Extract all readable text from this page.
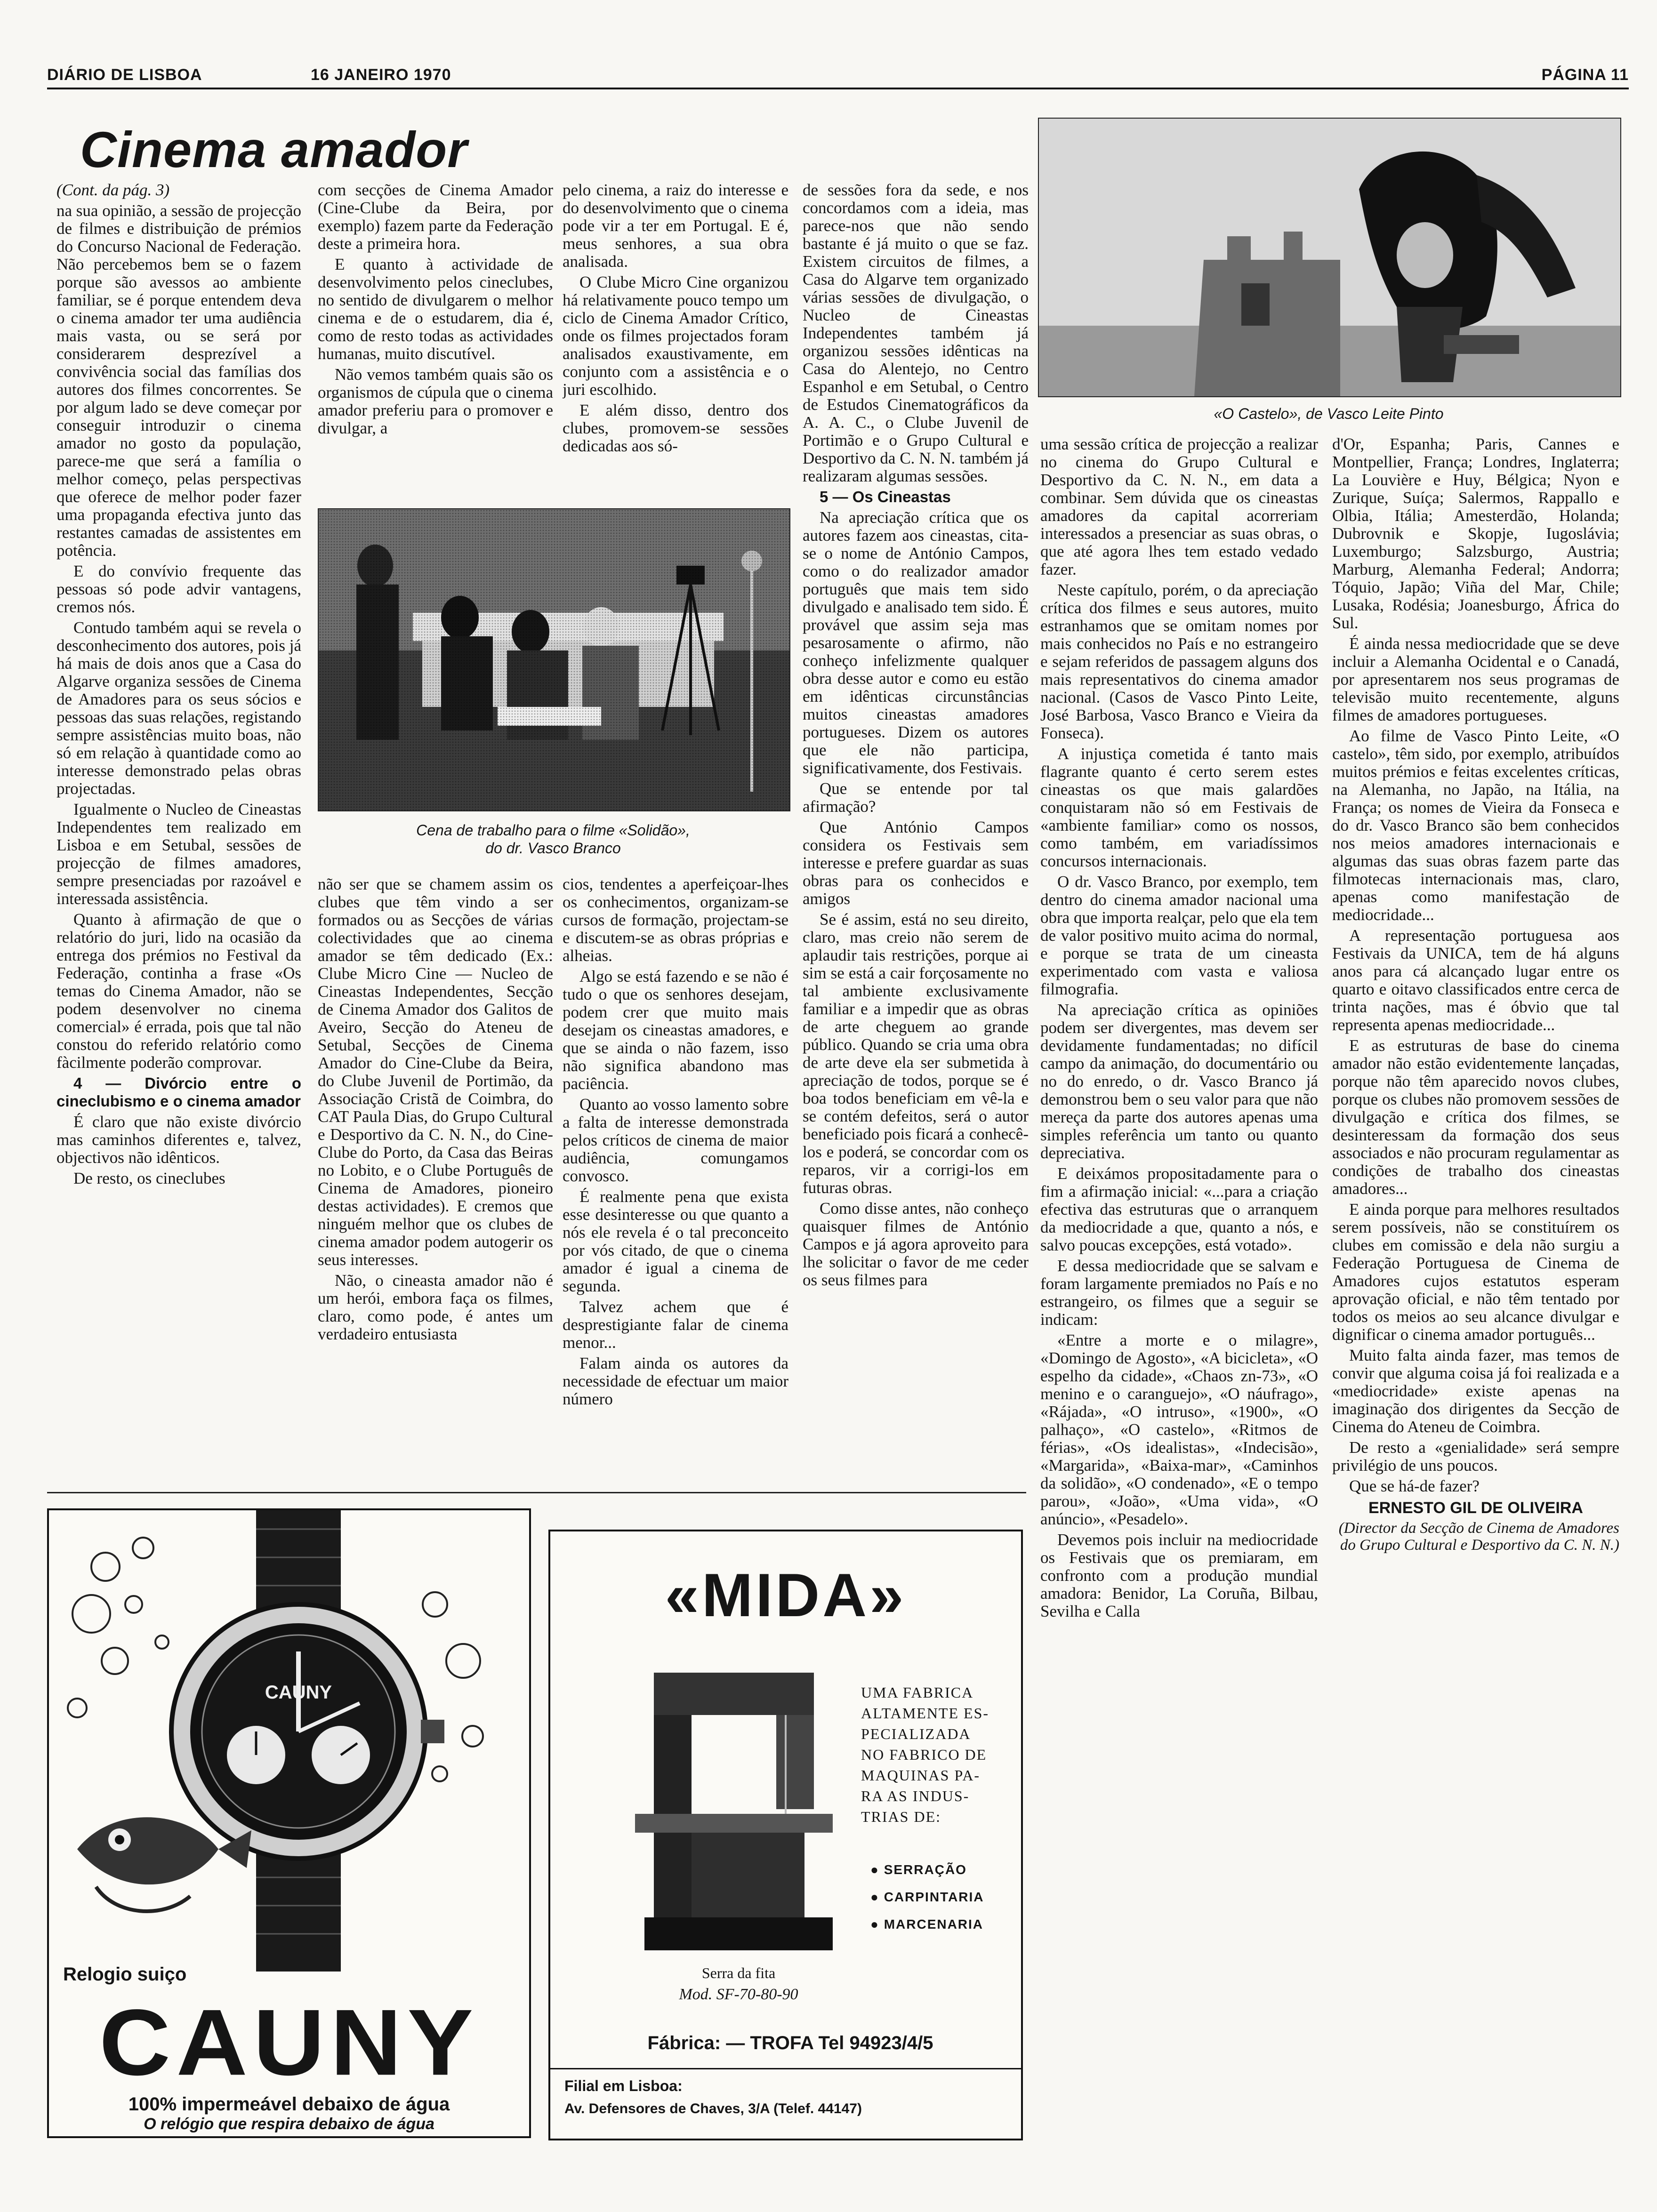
DIÁRIO DE LISBOA	16 JANEIRO 1970	PÁGINA 11
Cinema amador

(Cont. da pág. 3)

na sua opinião, a sessão de projecção de filmes e distribuição de prémios do Concurso Nacional de Federação. Não percebemos bem se o fazem porque são avessos ao ambiente familiar, se é porque entendem deva o cinema amador ter uma audiência mais vasta, ou se será por considerarem desprezível a convivência social das famílias dos autores dos filmes concorrentes. Se por algum lado se deve começar por conseguir introduzir o cinema amador no gosto da população, parece-me que será a família o melhor começo, pelas perspectivas que oferece de melhor poder fazer uma propaganda efectiva junto das restantes camadas de assistentes em potência.

E do convívio frequente das pessoas só pode advir vantagens, cremos nós.

Contudo também aqui se revela o desconhecimento dos autores, pois já há mais de dois anos que a Casa do Algarve organiza sessões de Cinema de Amadores para os seus sócios e pessoas das suas relações, registando sempre assistências muito boas, não só em relação à quantidade como ao interesse demonstrado pelas obras projectadas.

Igualmente o Nucleo de Cineastas Independentes tem realizado em Lisboa e em Setubal, sessões de projecção de filmes amadores, sempre presenciadas por razoável e interessada assistência.

Quanto à afirmação de que o relatório do juri, lido na ocasião da entrega dos prémios no Festival da Federação, continha a frase «Os temas do Cinema Amador, não se podem desenvolver no cinema comercial» é errada, pois que tal não constou do referido relatório como fàcilmente poderão comprovar.

4 — Divórcio entre o cineclubismo e o cinema amador

É claro que não existe divórcio mas caminhos diferentes e, talvez, objectivos não idênticos.

De resto, os cineclubes

com secções de Cinema Amador (Cine-Clube da Beira, por exemplo) fazem parte da Federação deste a primeira hora.

E quanto à actividade de desenvolvimento pelos cineclubes, no sentido de divulgarem o melhor cinema e de o estudarem, dia é, como de resto todas as actividades humanas, muito discutível.

Não vemos também quais são os organismos de cúpula que o cinema amador preferiu para o promover e divulgar, a

pelo cinema, a raiz do interesse e do desenvolvimento que o cinema pode vir a ter em Portugal. E é, meus senhores, a sua obra analisada.

O Clube Micro Cine organizou há relativamente pouco tempo um ciclo de Cinema Amador Crítico, onde os filmes projectados foram analisados exaustivamente, em conjunto com a assistência e o juri escolhido.

E além disso, dentro dos clubes, promovem-se sessões dedicadas aos só-

Cena de trabalho para o filme «Solidão»,
do dr. Vasco Branco

não ser que se chamem assim os clubes que têm vindo a ser formados ou as Secções de várias colectividades que ao cinema amador se têm dedicado (Ex.: Clube Micro Cine — Nucleo de Cineastas Independentes, Secção de Cinema Amador dos Galitos de Aveiro, Secção do Ateneu de Setubal, Secções de Cinema Amador do Cine-Clube da Beira, do Clube Juvenil de Portimão, da Associação Cristã de Coimbra, do CAT Paula Dias, do Grupo Cultural e Desportivo da C. N. N., do Cine-Clube do Porto, da Casa das Beiras no Lobito, e o Clube Português de Cinema de Amadores, pioneiro destas actividades). E cremos que ninguém melhor que os clubes de cinema amador podem autogerir os seus interesses.

Não, o cineasta amador não é um herói, embora faça os filmes, claro, como pode, é antes um verdadeiro entusiasta

cios, tendentes a aperfeiçoar-lhes os conhecimentos, organizam-se cursos de formação, projectam-se e discutem-se as obras próprias e alheias.

Algo se está fazendo e se não é tudo o que os senhores desejam, podem crer que muito mais desejam os cineastas amadores, e que se ainda o não fazem, isso não significa abandono mas paciência.

Quanto ao vosso lamento sobre a falta de interesse demonstrada pelos críticos de cinema de maior audiência, comungamos convosco.

É realmente pena que exista esse desinteresse ou que quanto a nós ele revela é o tal preconceito por vós citado, de que o cinema amador é igual a cinema de segunda.

Talvez achem que é desprestigiante falar de cinema menor...

Falam ainda os autores da necessidade de efectuar um maior número

de sessões fora da sede, e nos concordamos com a ideia, mas parece-nos que não sendo bastante é já muito o que se faz. Existem circuitos de filmes, a Casa do Algarve tem organizado várias sessões de divulgação, o Nucleo de Cineastas Independentes também já organizou sessões idênticas na Casa do Alentejo, no Centro Espanhol e em Setubal, o Centro de Estudos Cinematográficos da A. A. C., o Clube Juvenil de Portimão e o Grupo Cultural e Desportivo da C. N. N. também já realizaram algumas sessões.

5 — Os Cineastas

Na apreciação crítica que os autores fazem aos cineastas, cita-se o nome de António Campos, como o do realizador amador português que mais tem sido divulgado e analisado tem sido. É provável que assim seja mas pesarosamente o afirmo, não conheço infelizmente qualquer obra desse autor e como eu estão em idênticas circunstâncias muitos cineastas amadores portugueses. Dizem os autores que ele não participa, significativamente, dos Festivais.

Que se entende por tal afirmação?

Que António Campos considera os Festivais sem interesse e prefere guardar as suas obras para os conhecidos e amigos

Se é assim, está no seu direito, claro, mas creio não serem de aplaudir tais restrições, porque ai sim se está a cair forçosamente no tal ambiente exclusivamente familiar e a impedir que as obras de arte cheguem ao grande público. Quando se cria uma obra de arte deve ela ser submetida à apreciação de todos, porque se é boa todos beneficiam em vê-la e se contém defeitos, será o autor beneficiado pois ficará a conhecê-los e poderá, se concordar com os reparos, vir a corrigi-los em futuras obras.

Como disse antes, não conheço quaisquer filmes de António Campos e já agora aproveito para lhe solicitar o favor de me ceder os seus filmes para

«O Castelo», de Vasco Leite Pinto

uma sessão crítica de projecção a realizar no cinema do Grupo Cultural e Desportivo da C. N. N., em data a combinar. Sem dúvida que os cineastas amadores da capital acorreriam interessados a presenciar as suas obras, o que até agora lhes tem estado vedado fazer.

Neste capítulo, porém, o da apreciação crítica dos filmes e seus autores, muito estranhamos que se omitam nomes por mais conhecidos no País e no estrangeiro e sejam referidos de passagem alguns dos mais representativos do cinema amador nacional. (Casos de Vasco Pinto Leite, José Barbosa, Vasco Branco e Vieira da Fonseca).

A injustiça cometida é tanto mais flagrante quanto é certo serem estes cineastas os que mais galardões conquistaram não só em Festivais de «ambiente familiar» como os nossos, como também, em variadíssimos concursos internacionais.

O dr. Vasco Branco, por exemplo, tem dentro do cinema amador nacional uma obra que importa realçar, pelo que ela tem de valor positivo muito acima do normal, e porque se trata de um cineasta experimentado com vasta e valiosa filmografia.

Na apreciação crítica as opiniões podem ser divergentes, mas devem ser devidamente fundamentadas; no difícil campo da animação, do documentário ou no do enredo, o dr. Vasco Branco já demonstrou bem o seu valor para que não mereça da parte dos autores apenas uma simples referência um tanto ou quanto depreciativa.

E deixámos propositadamente para o fim a afirmação inicial: «...para a criação efectiva das estruturas que o arranquem da mediocridade a que, quanto a nós, e salvo poucas excepções, está votado».

E dessa mediocridade que se salvam e foram largamente premiados no País e no estrangeiro, os filmes que a seguir se indicam:

«Entre a morte e o milagre», «Domingo de Agosto», «A bicicleta», «O espelho da cidade», «Chaos zn-73», «O menino e o caranguejo», «O náufrago», «Rájada», «O intruso», «1900», «O palhaço», «O castelo», «Ritmos de férias», «Os idealistas», «Indecisão», «Margarida», «Baixa-mar», «Caminhos da solidão», «O condenado», «E o tempo parou», «João», «Uma vida», «O anúncio», «Pesadelo».

Devemos pois incluir na mediocridade os Festivais que os premiaram, em confronto com a produção mundial amadora: Benidor, La Coruña, Bilbau, Sevilha e Calla

d'Or, Espanha; Paris, Cannes e Montpellier, França; Londres, Inglaterra; La Louvière e Huy, Bélgica; Nyon e Zurique, Suíça; Salermos, Rappallo e Olbia, Itália; Amesterdão, Holanda; Dubrovnik e Skopje, Iugoslávia; Luxemburgo; Salzsburgo, Austria; Marburg, Alemanha Federal; Andorra; Tóquio, Japão; Viña del Mar, Chile; Lusaka, Rodésia; Joanesburgo, África do Sul.

É ainda nessa mediocridade que se deve incluir a Alemanha Ocidental e o Canadá, por apresentarem nos seus programas de televisão muito recentemente, alguns filmes de amadores portugueses.

Ao filme de Vasco Pinto Leite, «O castelo», têm sido, por exemplo, atribuídos muitos prémios e feitas excelentes críticas, na Alemanha, no Japão, na Itália, na França; os nomes de Vieira da Fonseca e do dr. Vasco Branco são bem conhecidos nos meios amadores internacionais e algumas das suas obras fazem parte das filmotecas internacionais mas, claro, apenas como manifestação de mediocridade...

A representação portuguesa aos Festivais da UNICA, tem de há alguns anos para cá alcançado lugar entre os quarto e oitavo classificados entre cerca de trinta nações, mas é óbvio que tal representa apenas mediocridade...

E as estruturas de base do cinema amador não estão evidentemente lançadas, porque não têm aparecido novos clubes, porque os clubes não promovem sessões de divulgação e crítica dos filmes, se desinteressam da formação dos seus associados e não procuram regulamentar as condições de trabalho dos cineastas amadores...

E ainda porque para melhores resultados serem possíveis, não se constituírem os clubes em comissão e dela não surgiu a Federação Portuguesa de Cinema de Amadores cujos estatutos esperam aprovação oficial, e não têm tentado por todos os meios ao seu alcance divulgar e dignificar o cinema amador português...

Muito falta ainda fazer, mas temos de convir que alguma coisa já foi realizada e a «mediocridade» existe apenas na imaginação dos dirigentes da Secção de Cinema do Ateneu de Coimbra.

De resto a «genialidade» será sempre privilégio de uns poucos.

Que se há-de fazer?

ERNESTO GIL DE OLIVEIRA
(Director da Secção de Cinema de Amadores do Grupo Cultural e Desportivo da C. N. N.)
CAUNY
Relogio suiço
CAUNY
100% impermeável debaixo de água
O relógio que respira debaixo de água
«MIDA»
UMA FABRICA
ALTAMENTE ES-
PECIALIZADA
NO FABRICO DE
MAQUINAS PA-
RA AS INDUS-
TRIAS DE:
● SERRAÇÃO
● CARPINTARIA
● MARCENARIA
Serra da fita
Mod. SF-70-80-90
Fábrica: — TROFA Tel 94923/4/5
Filial em Lisboa:
Av. Defensores de Chaves, 3/A (Telef. 44147)
